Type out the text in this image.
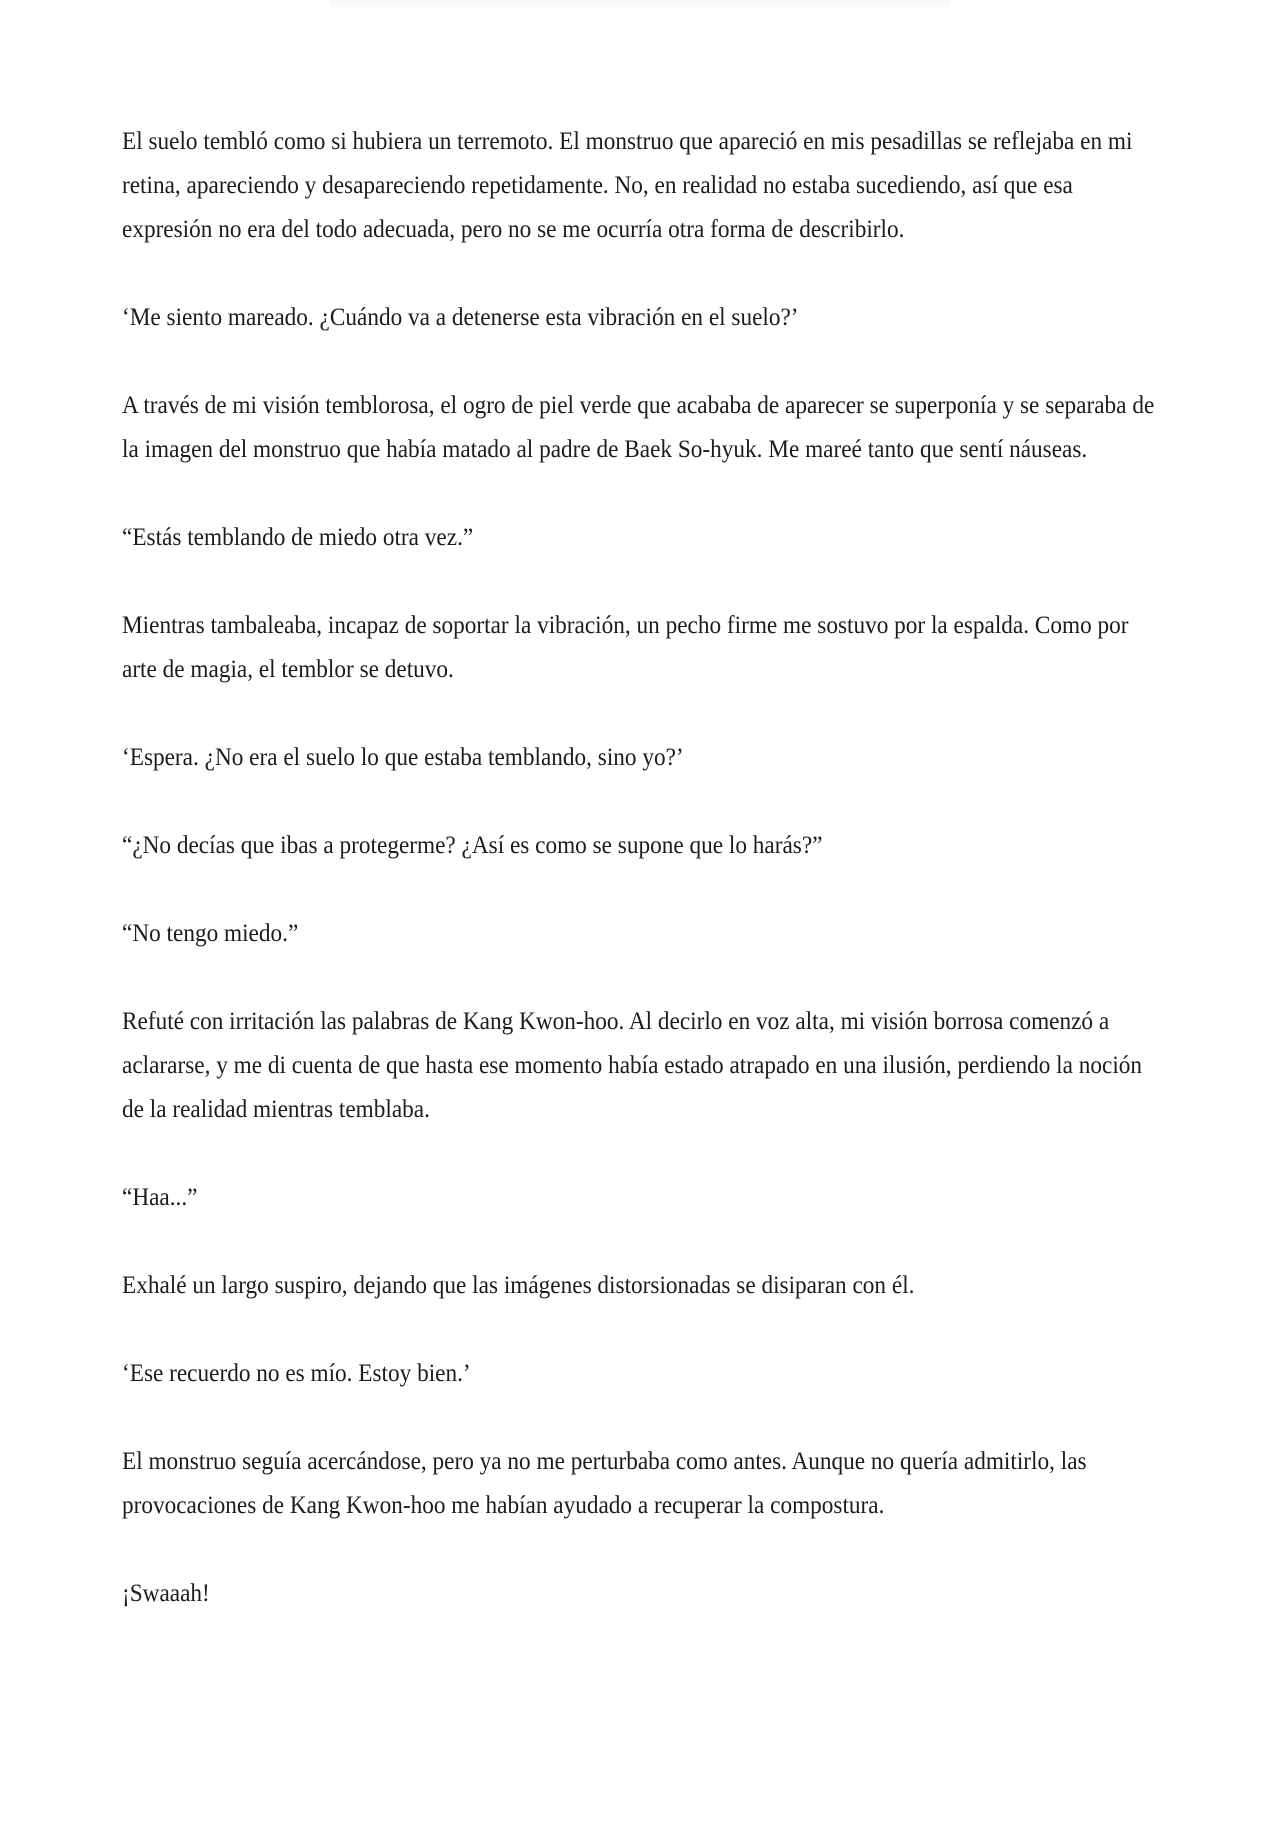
El suelo tembló como si hubiera un terremoto. El monstruo que apareció en mis pesadillas se reflejaba en mi retina, apareciendo y desapareciendo repetidamente. No, en realidad no estaba sucediendo, así que esa expresión no era del todo adecuada, pero no se me ocurría otra forma de describirlo.

‘Me siento mareado. ¿Cuándo va a detenerse esta vibración en el suelo?’

A través de mi visión temblorosa, el ogro de piel verde que acababa de aparecer se superponía y se separaba de la imagen del monstruo que había matado al padre de Baek So-hyuk. Me mareé tanto que sentí náuseas.

“Estás temblando de miedo otra vez.”

Mientras tambaleaba, incapaz de soportar la vibración, un pecho firme me sostuvo por la espalda. Como por arte de magia, el temblor se detuvo.

‘Espera. ¿No era el suelo lo que estaba temblando, sino yo?’

“¿No decías que ibas a protegerme? ¿Así es como se supone que lo harás?”

“No tengo miedo.”

Refuté con irritación las palabras de Kang Kwon-hoo. Al decirlo en voz alta, mi visión borrosa comenzó a aclararse, y me di cuenta de que hasta ese momento había estado atrapado en una ilusión, perdiendo la noción de la realidad mientras temblaba.

“Haa...”

Exhalé un largo suspiro, dejando que las imágenes distorsionadas se disiparan con él.

‘Ese recuerdo no es mío. Estoy bien.’

El monstruo seguía acercándose, pero ya no me perturbaba como antes. Aunque no quería admitirlo, las provocaciones de Kang Kwon-hoo me habían ayudado a recuperar la compostura.

¡Swaaah!
